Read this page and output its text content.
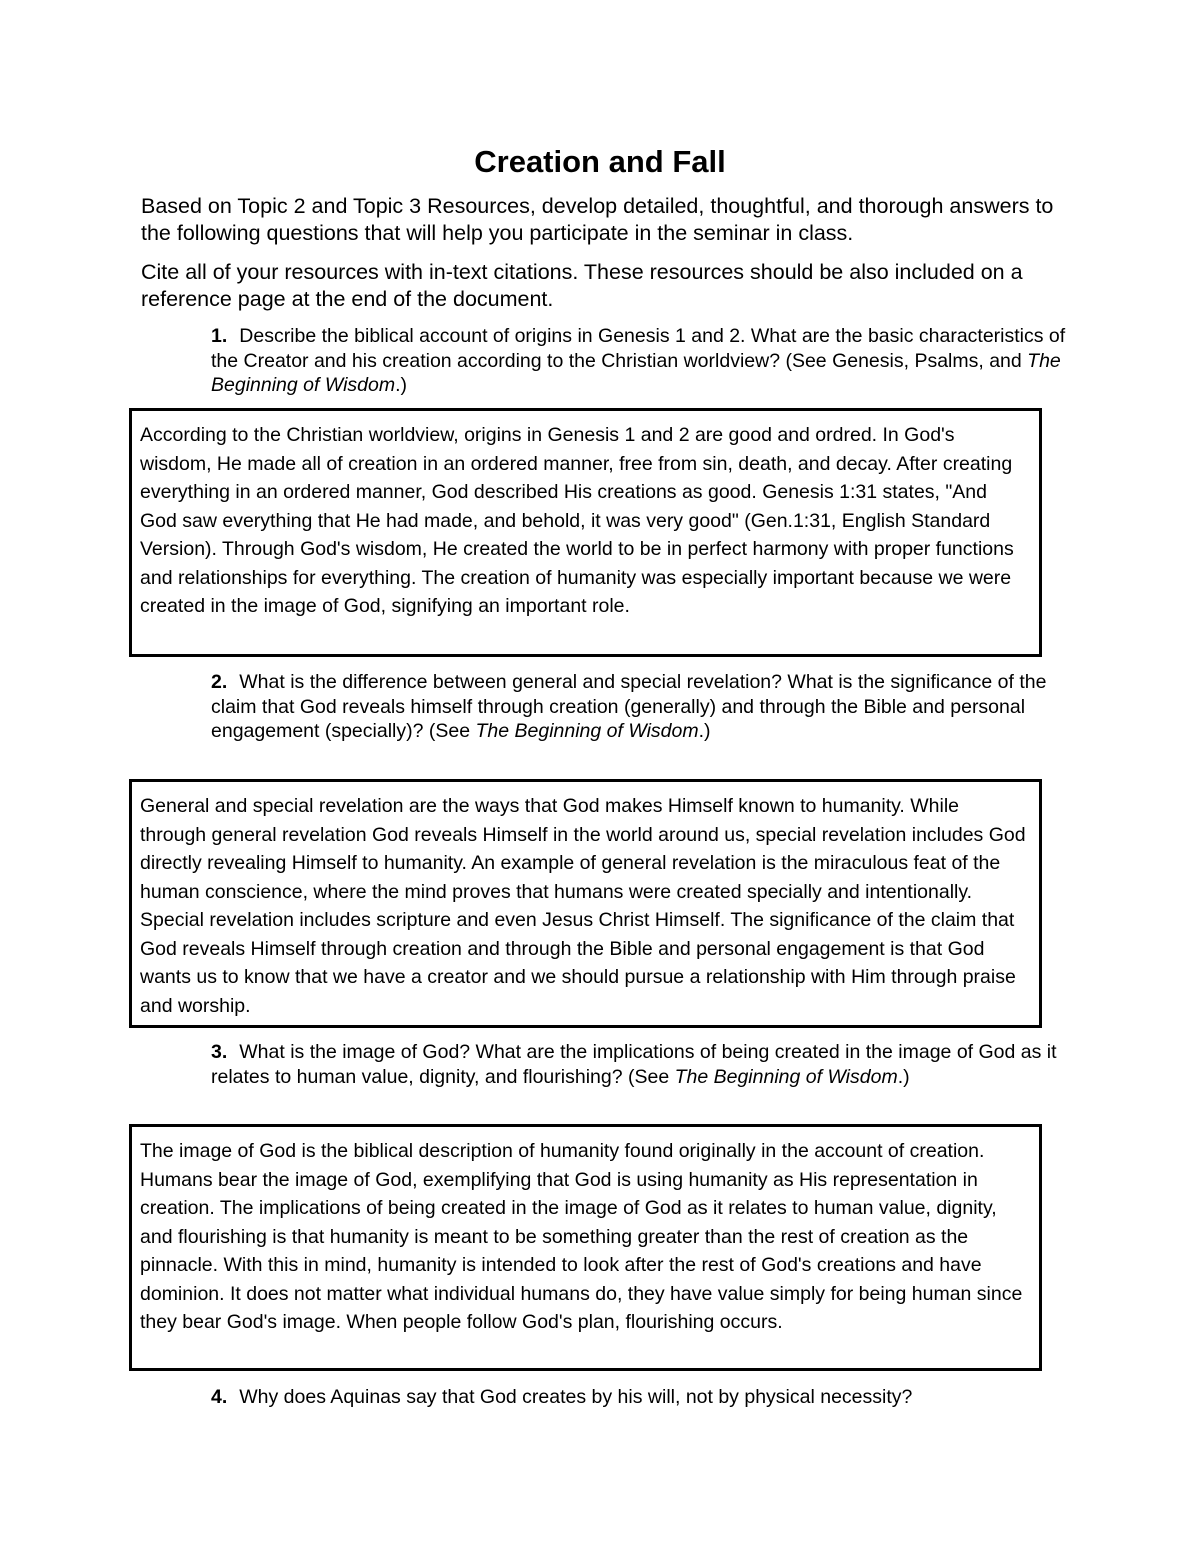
Creation and Fall

Based on Topic 2 and Topic 3 Resources, develop detailed, thoughtful, and thorough answers to the following questions that will help you participate in the seminar in class.

Cite all of your resources with in-text citations. These resources should be also included on a reference page at the end of the document.

1. Describe the biblical account of origins in Genesis 1 and 2. What are the basic characteristics of the Creator and his creation according to the Christian worldview? (See Genesis, Psalms, and The Beginning of Wisdom.)

According to the Christian worldview, origins in Genesis 1 and 2 are good and ordred. In God's wisdom, He made all of creation in an ordered manner, free from sin, death, and decay. After creating everything in an ordered manner, God described His creations as good. Genesis 1:31 states, "And God saw everything that He had made, and behold, it was very good" (Gen.1:31, English Standard Version). Through God's wisdom, He created the world to be in perfect harmony with proper functions and relationships for everything. The creation of humanity was especially important because we were created in the image of God, signifying an important role.

2. What is the difference between general and special revelation? What is the significance of the claim that God reveals himself through creation (generally) and through the Bible and personal engagement (specially)? (See The Beginning of Wisdom.)

General and special revelation are the ways that God makes Himself known to humanity. While through general revelation God reveals Himself in the world around us, special revelation includes God directly revealing Himself to humanity. An example of general revelation is the miraculous feat of the human conscience, where the mind proves that humans were created specially and intentionally. Special revelation includes scripture and even Jesus Christ Himself. The significance of the claim that God reveals Himself through creation and through the Bible and personal engagement is that God wants us to know that we have a creator and we should pursue a relationship with Him through praise and worship.

3. What is the image of God? What are the implications of being created in the image of God as it relates to human value, dignity, and flourishing? (See The Beginning of Wisdom.)

The image of God is the biblical description of humanity found originally in the account of creation. Humans bear the image of God, exemplifying that God is using humanity as His representation in creation. The implications of being created in the image of God as it relates to human value, dignity, and flourishing is that humanity is meant to be something greater than the rest of creation as the pinnacle. With this in mind, humanity is intended to look after the rest of God's creations and have dominion. It does not matter what individual humans do, they have value simply for being human since they bear God's image. When people follow God's plan, flourishing occurs.

4. Why does Aquinas say that God creates by his will, not by physical necessity?
